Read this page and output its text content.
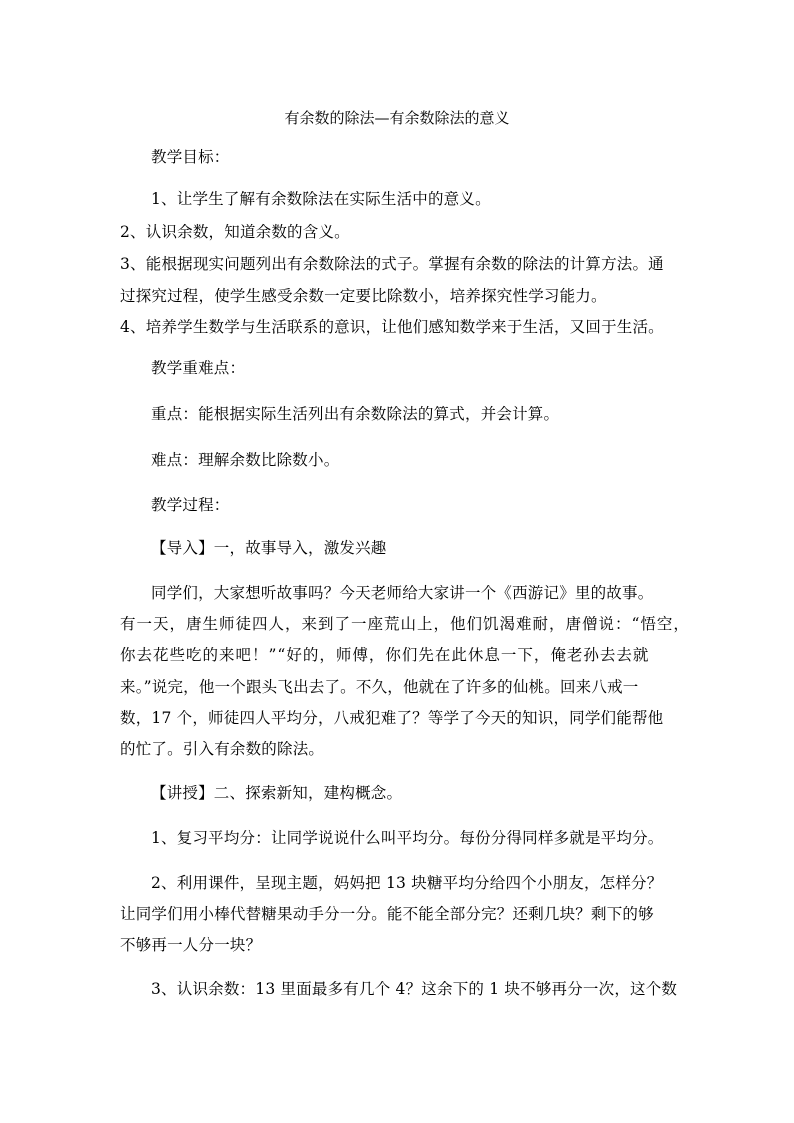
有余数的除法—有余数除法的意义
教学目标：
1、让学生了解有余数除法在实际生活中的意义。
2、认识余数，知道余数的含义。
3、能根据现实问题列出有余数除法的式子。掌握有余数的除法的计算方法。通
过探究过程，使学生感受余数一定要比除数小，培养探究性学习能力。
4、培养学生数学与生活联系的意识，让他们感知数学来于生活，又回于生活。
教学重难点：
重点：能根据实际生活列出有余数除法的算式，并会计算。
难点：理解余数比除数小。
教学过程：
【导入】一，故事导入，激发兴趣
同学们，大家想听故事吗？今天老师给大家讲一个《西游记》里的故事。
有一天，唐生师徒四人，来到了一座荒山上，他们饥渴难耐，唐僧说：“悟空，
你去花些吃的来吧！”“好的，师傅，你们先在此休息一下，俺老孙去去就
来。”说完，他一个跟头飞出去了。不久，他就在了许多的仙桃。回来八戒一
数，17 个，师徒四人平均分，八戒犯难了？等学了今天的知识，同学们能帮他
的忙了。引入有余数的除法。
【讲授】二、探索新知，建构概念。
1、复习平均分：让同学说说什么叫平均分。每份分得同样多就是平均分。
2、利用课件，呈现主题，妈妈把 13 块糖平均分给四个小朋友，怎样分？
让同学们用小棒代替糖果动手分一分。能不能全部分完？还剩几块？剩下的够
不够再一人分一块？
3、认识余数：13 里面最多有几个 4？这余下的 1 块不够再分一次，这个数
